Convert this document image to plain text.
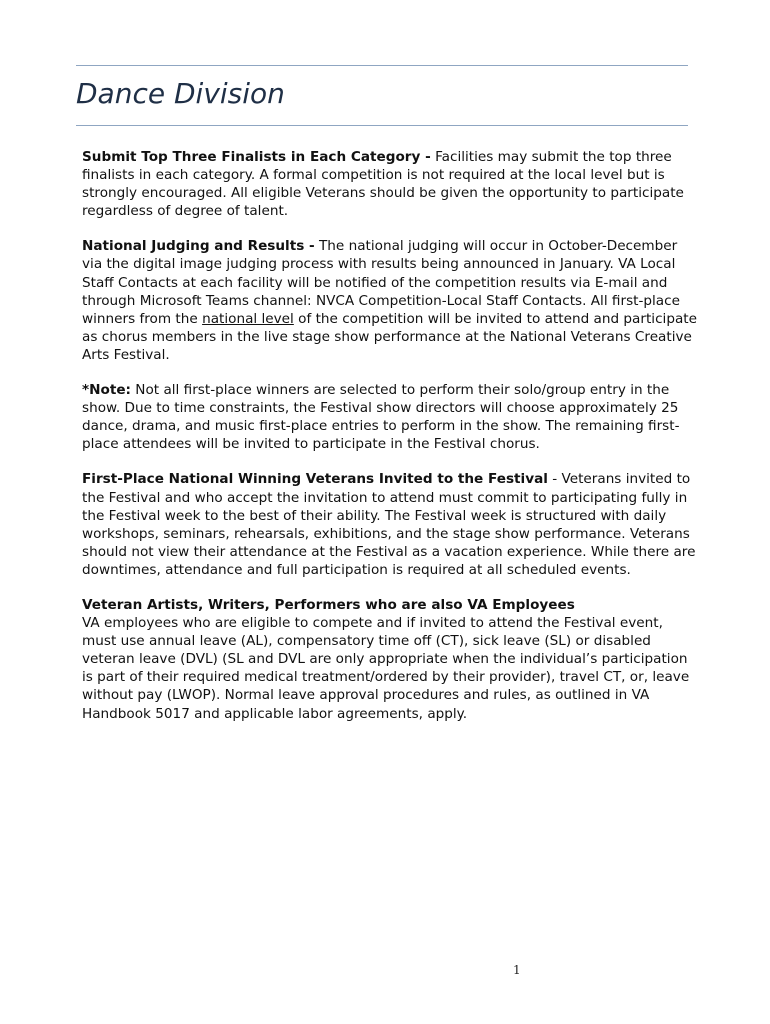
Dance Division

Submit Top Three Finalists in Each Category - Facilities may submit the top three finalists in each category. A formal competition is not required at the local level but is strongly encouraged. All eligible Veterans should be given the opportunity to participate regardless of degree of talent.

National Judging and Results - The national judging will occur in October-December via the digital image judging process with results being announced in January. VA Local Staff Contacts at each facility will be notified of the competition results via E-mail and through Microsoft Teams channel: NVCA Competition-Local Staff Contacts. All first-place winners from the national level of the competition will be invited to attend and participate as chorus members in the live stage show performance at the National Veterans Creative Arts Festival.

*Note: Not all first-place winners are selected to perform their solo/group entry in the show. Due to time constraints, the Festival show directors will choose approximately 25 dance, drama, and music first-place entries to perform in the show. The remaining first-place attendees will be invited to participate in the Festival chorus.

First-Place National Winning Veterans Invited to the Festival - Veterans invited to the Festival and who accept the invitation to attend must commit to participating fully in the Festival week to the best of their ability. The Festival week is structured with daily workshops, seminars, rehearsals, exhibitions, and the stage show performance. Veterans should not view their attendance at the Festival as a vacation experience. While there are downtimes, attendance and full participation is required at all scheduled events.

Veteran Artists, Writers, Performers who are also VA Employees
VA employees who are eligible to compete and if invited to attend the Festival event, must use annual leave (AL), compensatory time off (CT), sick leave (SL) or disabled veteran leave (DVL) (SL and DVL are only appropriate when the individual’s participation is part of their required medical treatment/ordered by their provider), travel CT, or, leave without pay (LWOP). Normal leave approval procedures and rules, as outlined in VA Handbook 5017 and applicable labor agreements, apply.

1
